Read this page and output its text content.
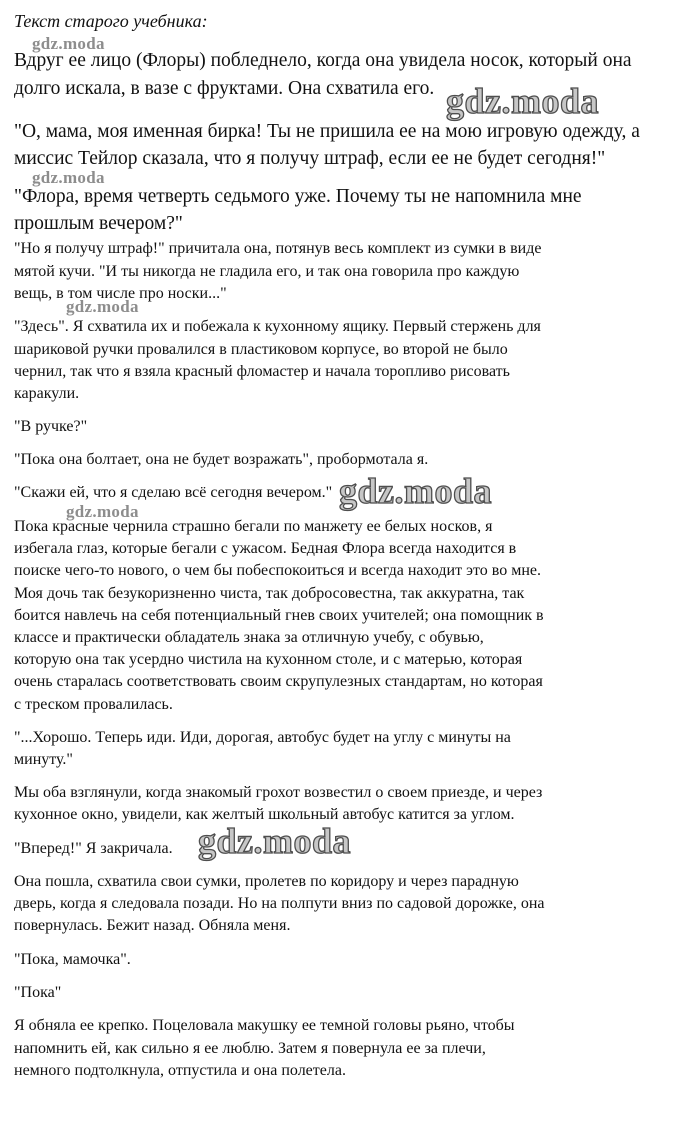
Текст старого учебника:
Вдруг ее лицо (Флоры) побледнело, когда она увидела носок, который она
долго искала, в вазе с фруктами. Она схватила его.
"О, мама, моя именная бирка! Ты не пришила ее на мою игровую одежду, а
миссис Тейлор сказала, что я получу штраф, если ее не будет сегодня!"
"Флора, время четверть седьмого уже. Почему ты не напомнила мне
прошлым вечером?"
"Но я получу штраф!" причитала она, потянув весь комплект из сумки в виде
мятой кучи. "И ты никогда не гладила его, и так она говорила про каждую
вещь, в том числе про носки..."
"Здесь". Я схватила их и побежала к кухонному ящику. Первый стержень для
шариковой ручки провалился в пластиковом корпусе, во второй не было
чернил, так что я взяла красный фломастер и начала торопливо рисовать
каракули.
"В ручке?"
"Пока она болтает, она не будет возражать", пробормотала я.
"Скажи ей, что я сделаю всё сегодня вечером."
Пока красные чернила страшно бегали по манжету ее белых носков, я
избегала глаз, которые бегали с ужасом. Бедная Флора всегда находится в
поиске чего-то нового, о чем бы побеспокоиться и всегда находит это во мне.
Моя дочь так безукоризненно чиста, так добросовестна, так аккуратна, так
боится навлечь на себя потенциальный гнев своих учителей; она помощник в
классе и практически обладатель знака за отличную учебу, с обувью,
которую она так усердно чистила на кухонном столе, и с матерью, которая
очень старалась соответствовать своим скрупулезных стандартам, но которая
с треском провалилась.
"...Хорошо. Теперь иди. Иди, дорогая, автобус будет на углу с минуты на
минуту."
Мы оба взглянули, когда знакомый грохот возвестил о своем приезде, и через
кухонное окно, увидели, как желтый школьный автобус катится за углом.
"Вперед!" Я закричала.
Она пошла, схватила свои сумки, пролетев по коридору и через парадную
дверь, когда я следовала позади. Но на полпути вниз по садовой дорожке, она
повернулась. Бежит назад. Обняла меня.
"Пока, мамочка".
"Пока"
Я обняла ее крепко. Поцеловала макушку ее темной головы рьяно, чтобы
напомнить ей, как сильно я ее люблю. Затем я повернула ее за плечи,
немного подтолкнула, отпустила и она полетела.
gdz.moda
gdz.moda
gdz.moda
gdz.moda
gdz.moda
gdz.moda
gdz.moda
